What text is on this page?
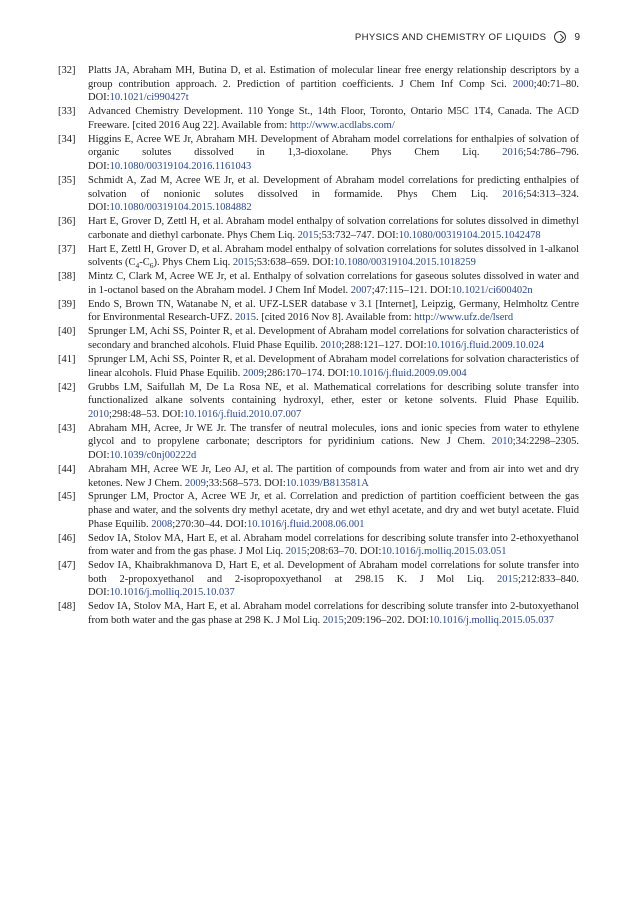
PHYSICS AND CHEMISTRY OF LIQUIDS	9
[32]	Platts JA, Abraham MH, Butina D, et al. Estimation of molecular linear free energy relationship descriptors by a group contribution approach. 2. Prediction of partition coefficients. J Chem Inf Comp Sci. 2000;40:71–80. DOI:10.1021/ci990427t
[33]	Advanced Chemistry Development. 110 Yonge St., 14th Floor, Toronto, Ontario M5C 1T4, Canada. The ACD Freeware. [cited 2016 Aug 22]. Available from: http://www.acdlabs.com/
[34]	Higgins E, Acree WE Jr, Abraham MH. Development of Abraham model correlations for enthalpies of solvation of organic solutes dissolved in 1,3-dioxolane. Phys Chem Liq. 2016;54:786–796. DOI:10.1080/00319104.2016.1161043
[35]	Schmidt A, Zad M, Acree WE Jr, et al. Development of Abraham model correlations for predicting enthalpies of solvation of nonionic solutes dissolved in formamide. Phys Chem Liq. 2016;54:313–324. DOI:10.1080/00319104.2015.1084882
[36]	Hart E, Grover D, Zettl H, et al. Abraham model enthalpy of solvation correlations for solutes dissolved in dimethyl carbonate and diethyl carbonate. Phys Chem Liq. 2015;53:732–747. DOI:10.1080/00319104.2015.1042478
[37]	Hart E, Zettl H, Grover D, et al. Abraham model enthalpy of solvation correlations for solutes dissolved in 1-alkanol solvents $(C_4-C_6)$. Phys Chem Liq. 2015;53:638–659. DOI:10.1080/00319104.2015.1018259
[38]	Mintz C, Clark M, Acree WE Jr, et al. Enthalpy of solvation correlations for gaseous solutes dissolved in water and in 1-octanol based on the Abraham model. J Chem Inf Model. 2007;47:115–121. DOI:10.1021/ci600402n
[39]	Endo S, Brown TN, Watanabe N, et al. UFZ-LSER database v 3.1 [Internet], Leipzig, Germany, Helmholtz Centre for Environmental Research-UFZ. 2015. [cited 2016 Nov 8]. Available from: http://www.ufz.de/lserd
[40]	Sprunger LM, Achi SS, Pointer R, et al. Development of Abraham model correlations for solvation characteristics of secondary and branched alcohols. Fluid Phase Equilib. 2010;288:121–127. DOI:10.1016/j.fluid.2009.10.024
[41]	Sprunger LM, Achi SS, Pointer R, et al. Development of Abraham model correlations for solvation characteristics of linear alcohols. Fluid Phase Equilib. 2009;286:170–174. DOI:10.1016/j.fluid.2009.09.004
[42]	Grubbs LM, Saifullah M, De La Rosa NE, et al. Mathematical correlations for describing solute transfer into functionalized alkane solvents containing hydroxyl, ether, ester or ketone solvents. Fluid Phase Equilib. 2010;298:48–53. DOI:10.1016/j.fluid.2010.07.007
[43]	Abraham MH, Acree, Jr WE Jr. The transfer of neutral molecules, ions and ionic species from water to ethylene glycol and to propylene carbonate; descriptors for pyridinium cations. New J Chem. 2010;34:2298–2305. DOI:10.1039/c0nj00222d
[44]	Abraham MH, Acree WE Jr, Leo AJ, et al. The partition of compounds from water and from air into wet and dry ketones. New J Chem. 2009;33:568–573. DOI:10.1039/B813581A
[45]	Sprunger LM, Proctor A, Acree WE Jr, et al. Correlation and prediction of partition coefficient between the gas phase and water, and the solvents dry methyl acetate, dry and wet ethyl acetate, and dry and wet butyl acetate. Fluid Phase Equilib. 2008;270:30–44. DOI:10.1016/j.fluid.2008.06.001
[46]	Sedov IA, Stolov MA, Hart E, et al. Abraham model correlations for describing solute transfer into 2-ethoxyethanol from water and from the gas phase. J Mol Liq. 2015;208:63–70. DOI:10.1016/j.molliq.2015.03.051
[47]	Sedov IA, Khaibrakhmanova D, Hart E, et al. Development of Abraham model correlations for solute transfer into both 2-propoxyethanol and 2-isopropoxyethanol at 298.15 K. J Mol Liq. 2015;212:833–840. DOI:10.1016/j.molliq.2015.10.037
[48]	Sedov IA, Stolov MA, Hart E, et al. Abraham model correlations for describing solute transfer into 2-butoxyethanol from both water and the gas phase at 298 K. J Mol Liq. 2015;209:196–202. DOI:10.1016/j.molliq.2015.05.037
